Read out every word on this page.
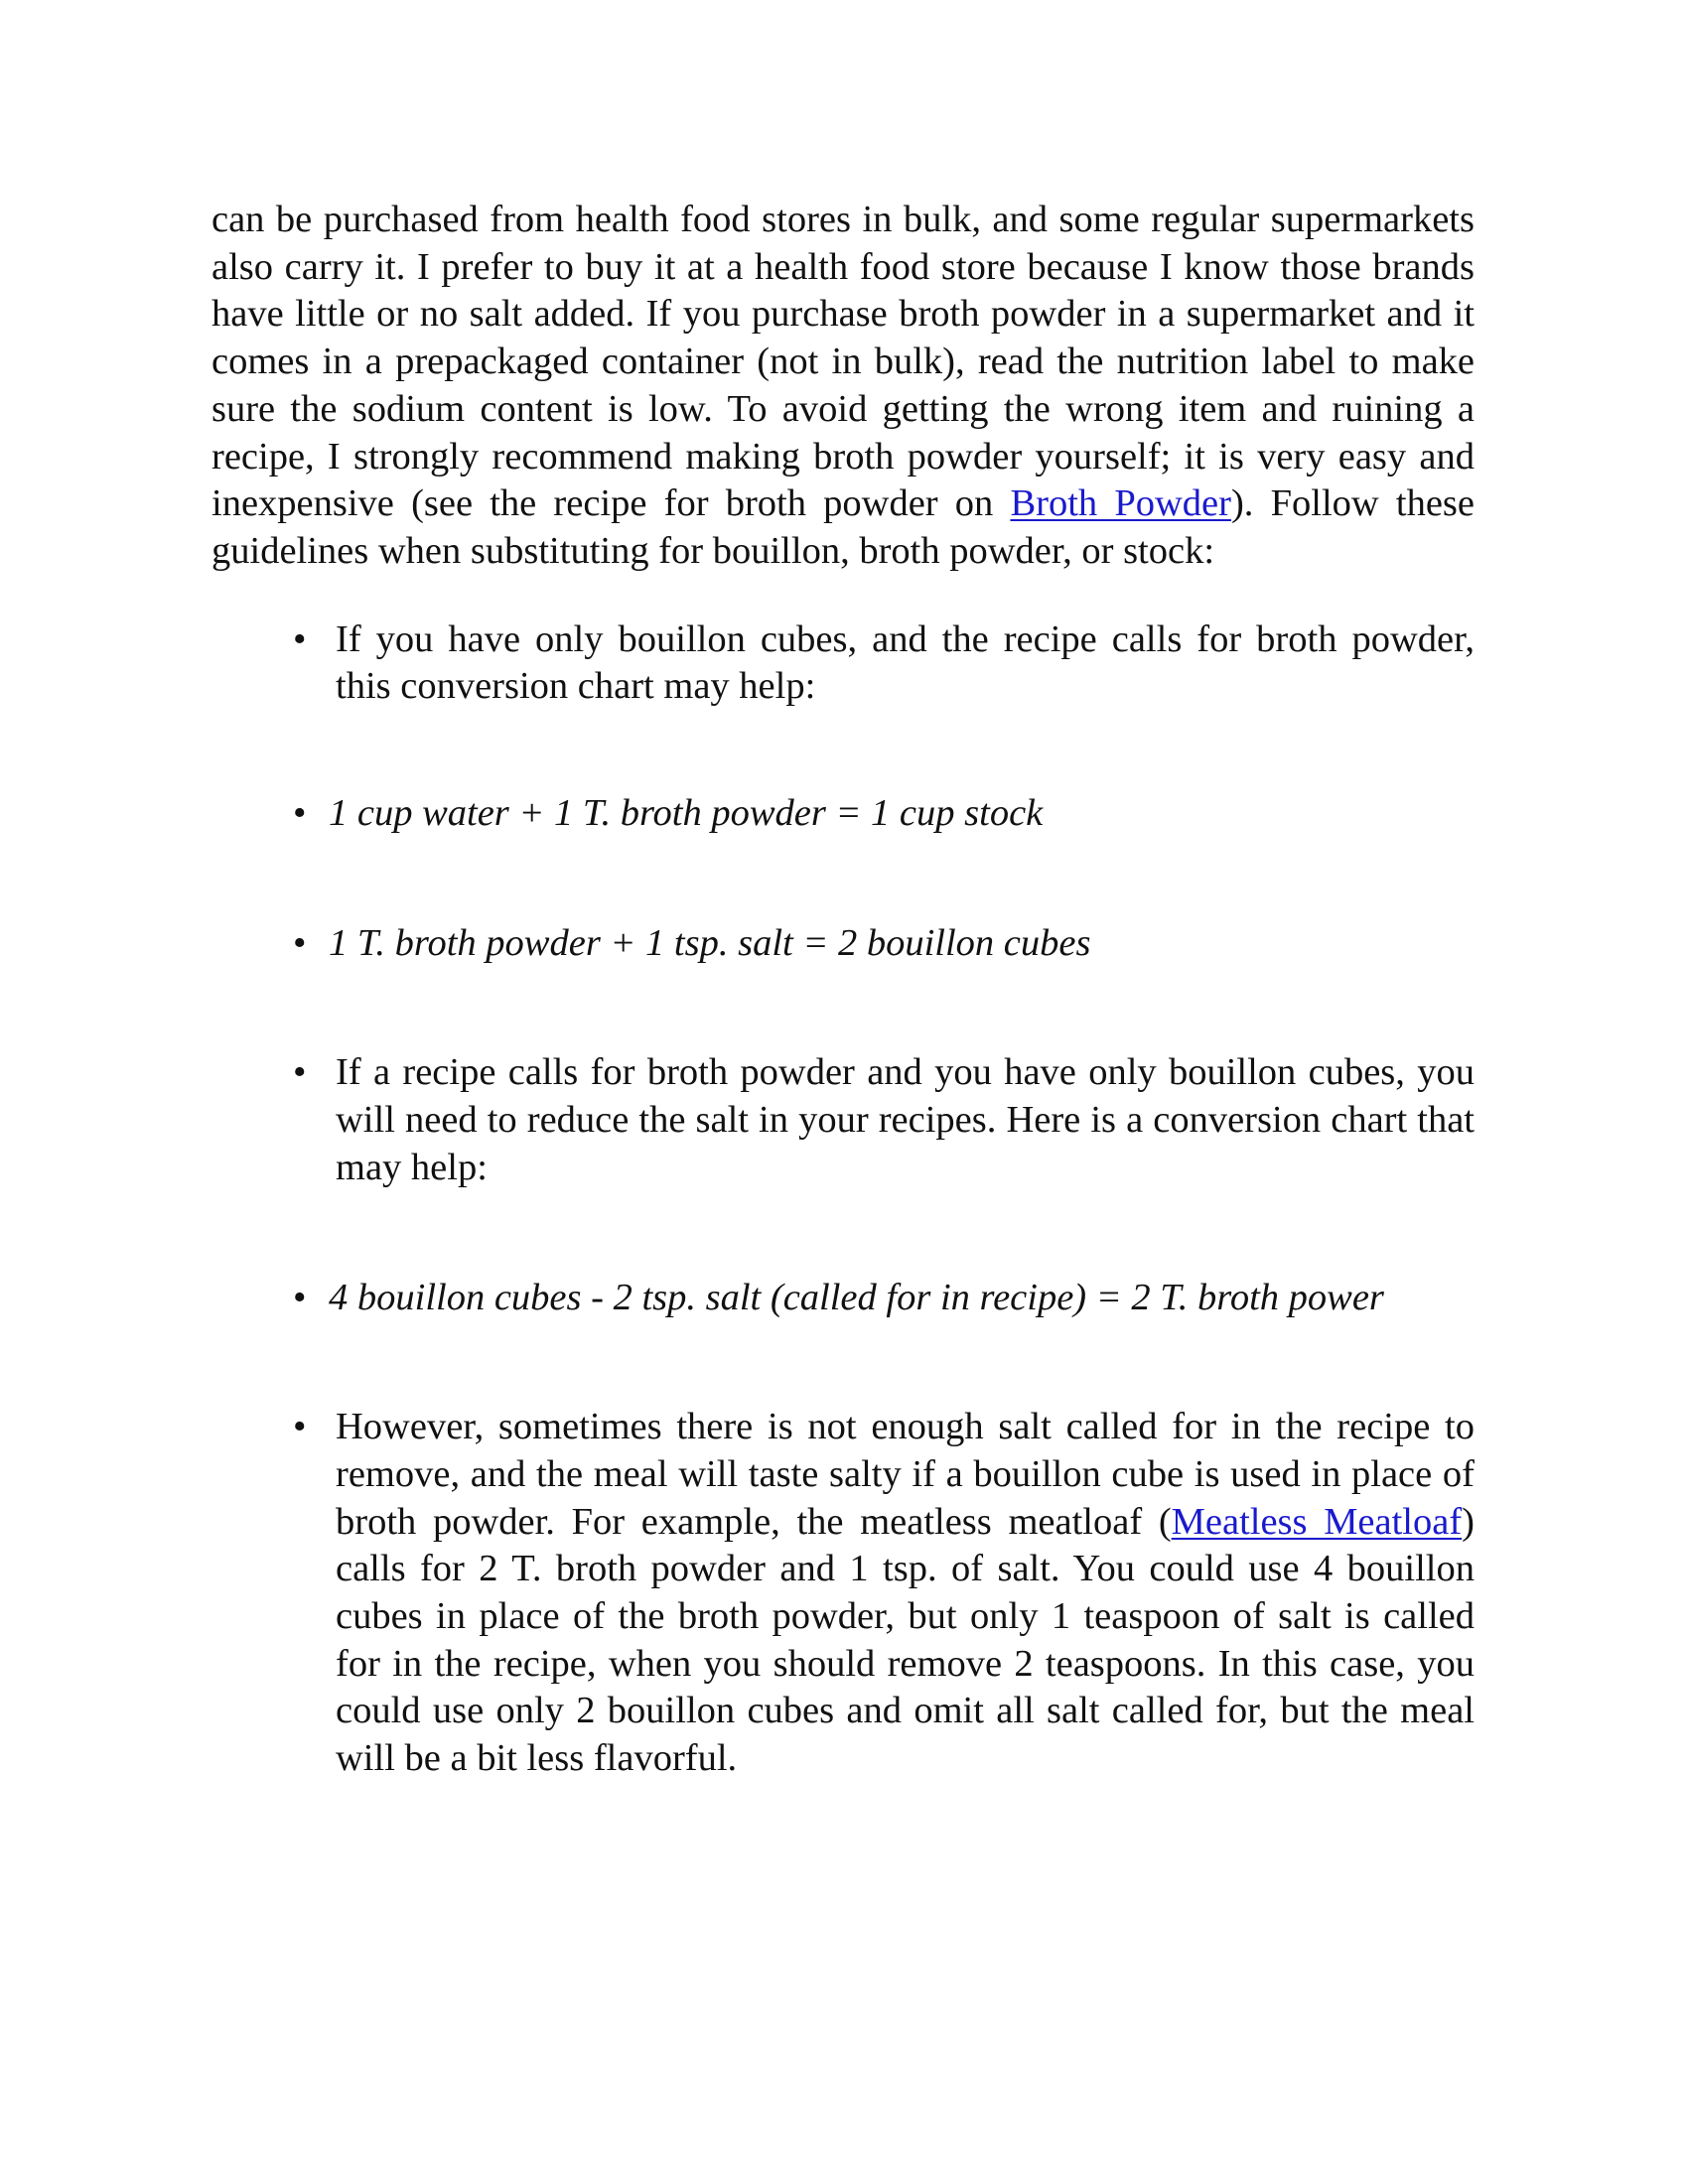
can be purchased from health food stores in bulk, and some regular supermarkets also carry it. I prefer to buy it at a health food store because I know those brands have little or no salt added. If you purchase broth powder in a supermarket and it comes in a prepackaged container (not in bulk), read the nutrition label to make sure the sodium content is low. To avoid getting the wrong item and ruining a recipe, I strongly recommend making broth powder yourself; it is very easy and inexpensive (see the recipe for broth powder on Broth Powder). Follow these guidelines when substituting for bouillon, broth powder, or stock:

• If you have only bouillon cubes, and the recipe calls for broth powder, this conversion chart may help:
• 1 cup water + 1 T. broth powder = 1 cup stock
• 1 T. broth powder + 1 tsp. salt = 2 bouillon cubes
• If a recipe calls for broth powder and you have only bouillon cubes, you will need to reduce the salt in your recipes. Here is a conversion chart that may help:
• 4 bouillon cubes - 2 tsp. salt (called for in recipe) = 2 T. broth power
• However, sometimes there is not enough salt called for in the recipe to remove, and the meal will taste salty if a bouillon cube is used in place of broth powder. For example, the meatless meatloaf (Meatless Meatloaf) calls for 2 T. broth powder and 1 tsp. of salt. You could use 4 bouillon cubes in place of the broth powder, but only 1 teaspoon of salt is called for in the recipe, when you should remove 2 teaspoons. In this case, you could use only 2 bouillon cubes and omit all salt called for, but the meal will be a bit less flavorful.
